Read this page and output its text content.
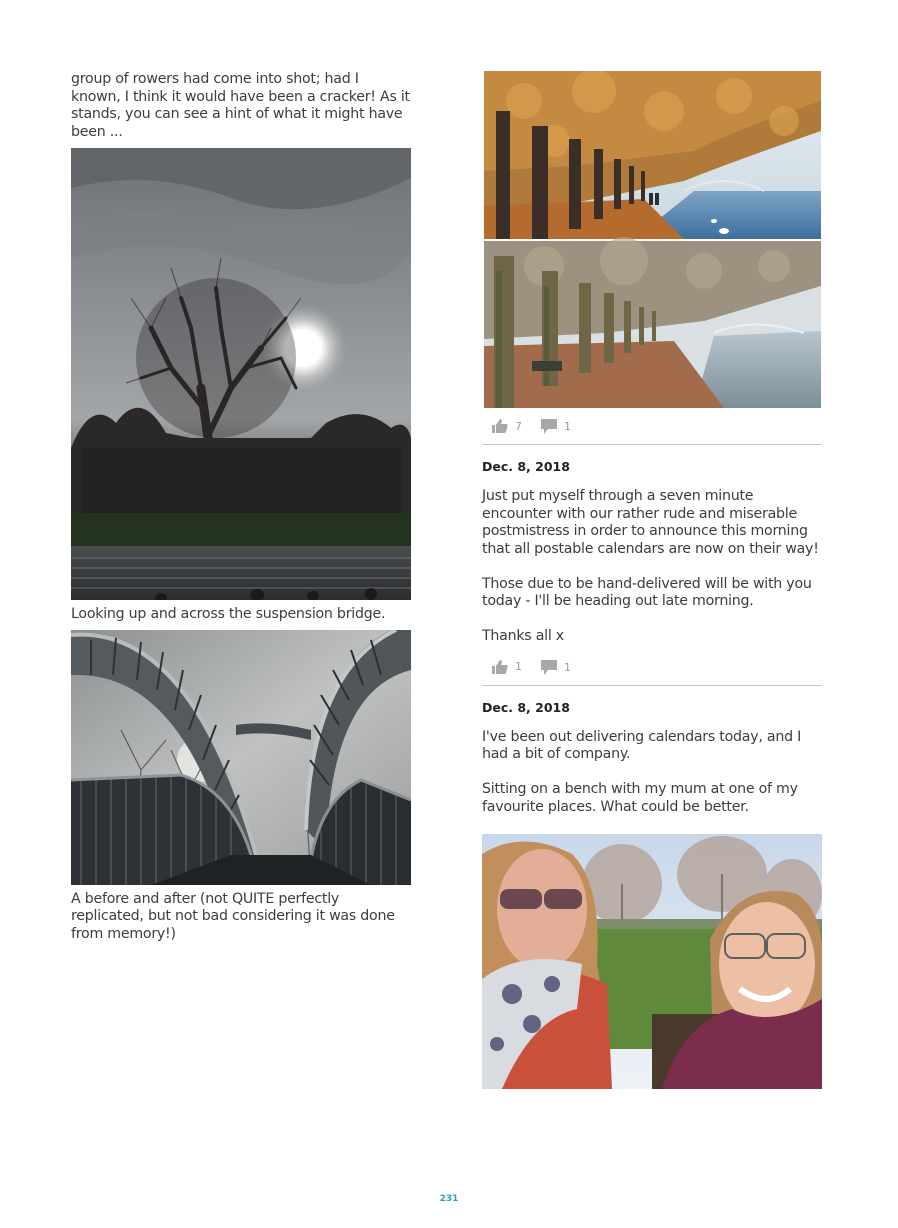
group of rowers had come into shot; had I known, I think it would have been a cracker! As it stands, you can see a hint of what it might have been ...

Looking up and across the suspension bridge.

A before and after (not QUITE perfectly replicated, but not bad considering it was done from memory!)

7	1
Dec. 8, 2018

Just put myself through a seven minute encounter with our rather rude and miserable postmistress in order to announce this morning that all postable calendars are now on their way!

Those due to be hand-delivered will be with you today - I'll be heading out late morning.

Thanks all x

1	1
Dec. 8, 2018

I've been out delivering calendars today, and I had a bit of company.

Sitting on a bench with my mum at one of my favourite places. What could be better.

231
